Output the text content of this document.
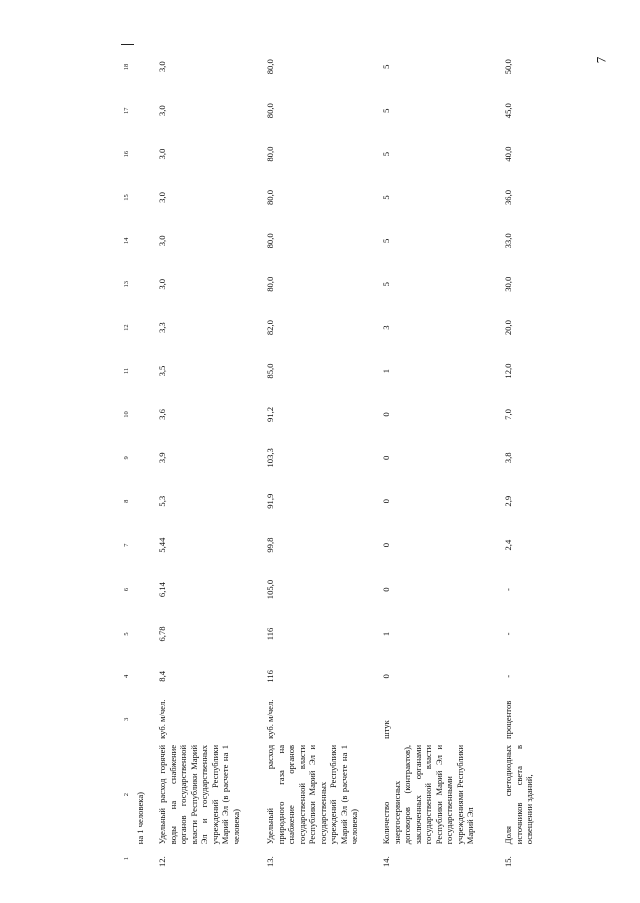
7
1	2	3	4	5	6	7	8	9	10	11	12	13	14	15	16	17	18
	на 1 человека)																
12.	Удельный расход горячей воды на снабжение органов государственной власти Республики Марий Эл и государственных учреждений Республики Марий Эл (в расчете на 1 человека)	куб. м/чел.	8,4	6,78	6,14	5,44	5,3	3,9	3,6	3,5	3,3	3,0	3,0	3,0	3,0	3,0	3,0
13.	Удельный расход природного газа на снабжение органов государственной власти Республики Марий Эл и государственных учреждений Республики Марий Эл (в расчете на 1 человека)	куб. м/чел.	116	116	105,0	99,8	91,9	103,3	91,2	85,0	82,0	80,0	80,0	80,0	80,0	80,0	80,0
14.	Количество энергосервисных договоров (контрактов), заключенных органами государственной власти Республики Марий Эл и государственными учреждениями Республики Марий Эл	штук	0	1	0	0	0	0	0	1	3	5	5	5	5	5	5
15.	Доля светодиодных источников света в освещении зданий,	процентов	-	-	-	2,4	2,9	3,8	7,0	12,0	20,0	30,0	33,0	36,0	40,0	45,0	50,0
